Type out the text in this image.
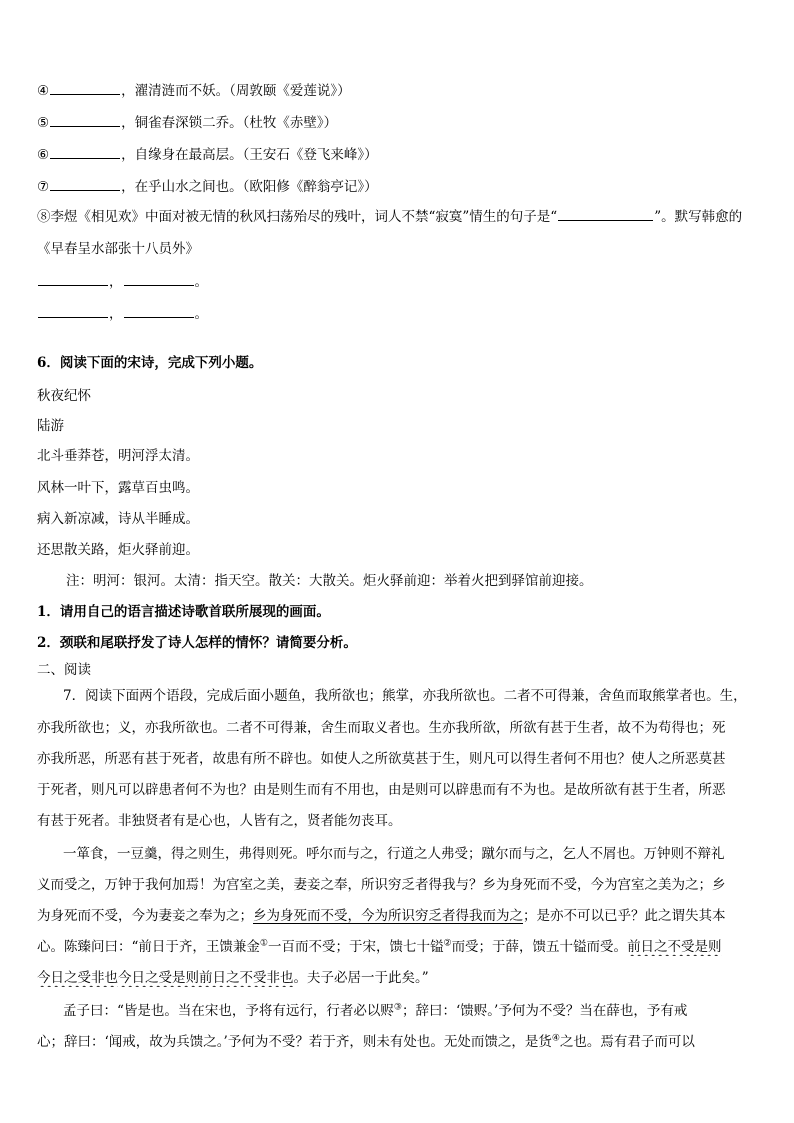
④	，濯清涟而不妖。（周敦颐《爱莲说》）
⑤	，铜雀春深锁二乔。（杜牧《赤壁》）
⑥	，自缘身在最高层。（王安石《登飞来峰》）
⑦	，在乎山水之间也。（欧阳修《醉翁亭记》）
⑧李煜《相见欢》中面对被无情的秋风扫荡殆尽的残叶，词人不禁“寂寞”情生的句子是“	”。默写韩愈的
《早春呈水部张十八员外》
，	。
，	。
6．阅读下面的宋诗，完成下列小题。
秋夜纪怀
陆游
北斗垂莽苍，明河浮太清。
风林一叶下，露草百虫鸣。
病入新凉减，诗从半睡成。
还思散关路，炬火驿前迎。
注：明河：银河。太清：指天空。散关：大散关。炬火驿前迎：举着火把到驿馆前迎接。
1．请用自己的语言描述诗歌首联所展现的画面。
2．颈联和尾联抒发了诗人怎样的情怀？请简要分析。
二、阅读
7．阅读下面两个语段，完成后面小题鱼，我所欲也；熊掌，亦我所欲也。二者不可得兼，舍鱼而取熊掌者也。生，
亦我所欲也；义，亦我所欲也。二者不可得兼，舍生而取义者也。生亦我所欲，所欲有甚于生者，故不为苟得也；死
亦我所恶，所恶有甚于死者，故患有所不辟也。如使人之所欲莫甚于生，则凡可以得生者何不用也？使人之所恶莫甚
于死者，则凡可以辟患者何不为也？由是则生而有不用也，由是则可以辟患而有不为也。是故所欲有甚于生者，所恶
有甚于死者。非独贤者有是心也，人皆有之，贤者能勿丧耳。
一箪食，一豆羹，得之则生，弗得则死。呼尔而与之，行道之人弗受；蹴尔而与之，乞人不屑也。万钟则不辩礼
义而受之，万钟于我何加焉！为宫室之美，妻妾之奉，所识穷乏者得我与？乡为身死而不受，今为宫室之美为之；乡
为身死而不受，今为妻妾之奉为之；乡为身死而不受，今为所识穷乏者得我而为之；是亦不可以已乎？此之谓失其本
心。陈臻问曰：“前日于齐，王馈兼金①一百而不受；于宋，馈七十镒②而受；于薛，馈五十镒而受。前日之不受是则
今日之受非也今日之受是则前日之不受非也。夫子必居一于此矣。”
孟子曰：“皆是也。当在宋也，予将有远行，行者必以赆③；辞曰：‘馈赆。’予何为不受？当在薛也，予有戒
心；辞曰：‘闻戒，故为兵馈之。’予何为不受？若于齐，则未有处也。无处而馈之，是货④之也。焉有君子而可以
